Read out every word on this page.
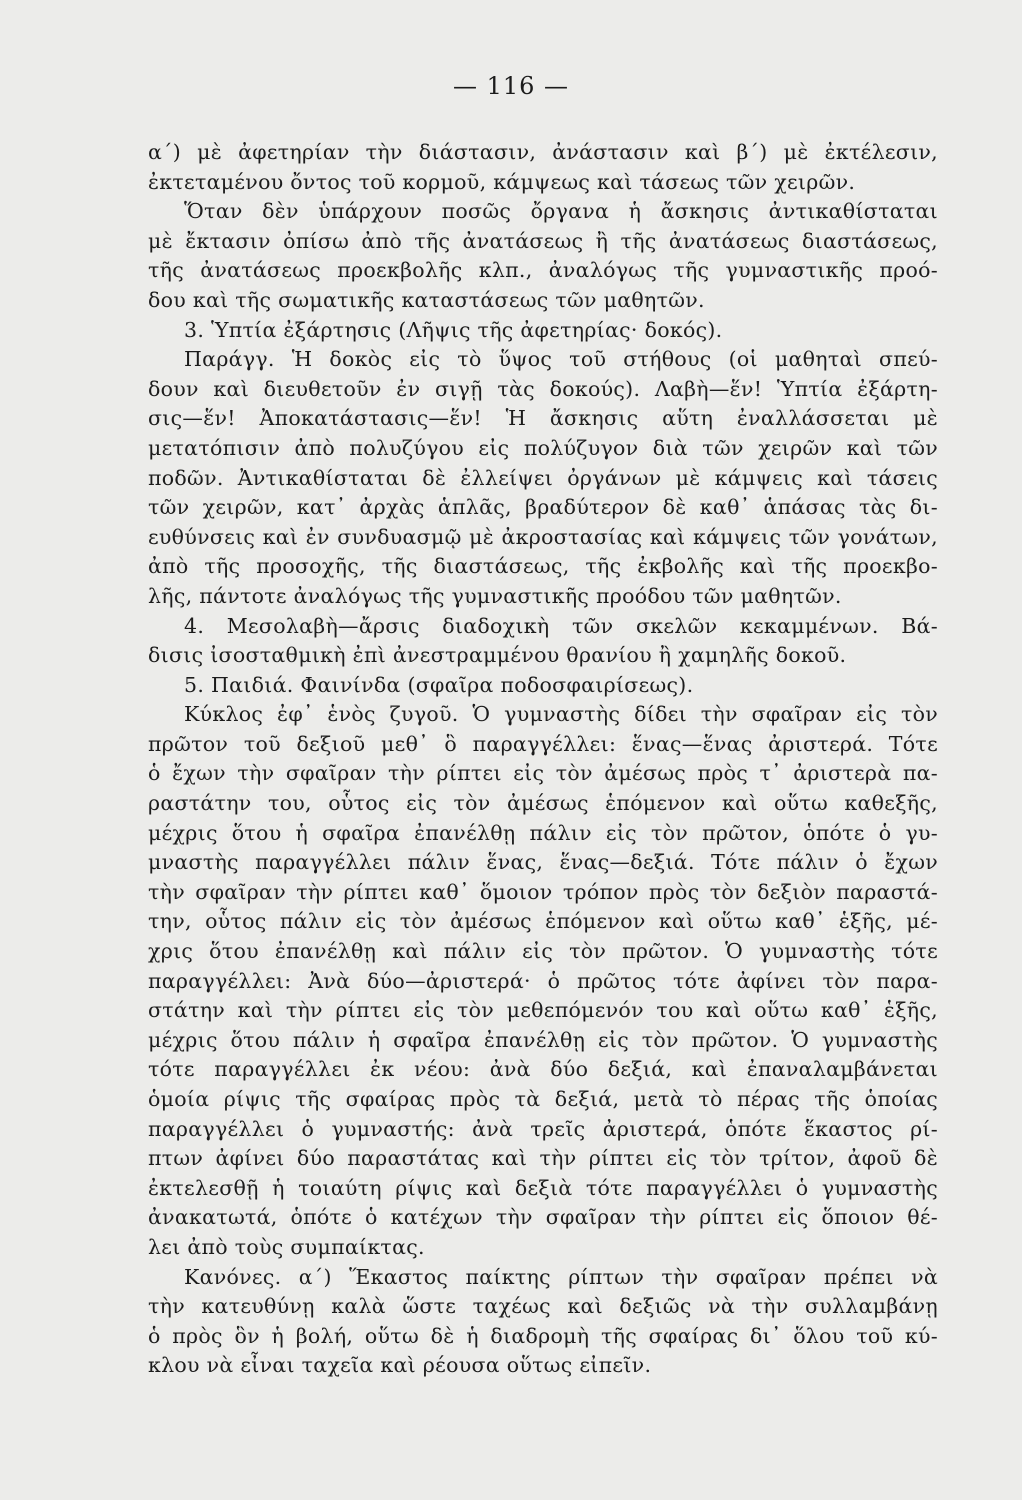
— 116 —
α΄) μὲ ἀφετηρίαν τὴν διάστασιν, ἀνάστασιν καὶ β΄) μὲ ἐκτέλεσιν,
ἐκτεταμένου ὄντος τοῦ κορμοῦ, κάμψεως καὶ τάσεως τῶν χειρῶν.
Ὅταν δὲν ὑπάρχουν ποσῶς ὄργανα ἡ ἄσκησις ἀντικαθίσταται
μὲ ἔκτασιν ὀπίσω ἀπὸ τῆς ἀνατάσεως ἢ τῆς ἀνατάσεως διαστάσεως,
τῆς ἀνατάσεως προεκβολῆς κλπ., ἀναλόγως τῆς γυμναστικῆς προό-
δου καὶ τῆς σωματικῆς καταστάσεως τῶν μαθητῶν.
3. Ὑπτία ἐξάρτησις (Λῆψις τῆς ἀφετηρίας· δοκός).
Παράγγ. Ἡ δοκὸς εἰς τὸ ὕψος τοῦ στήθους (οἱ μαθηταὶ σπεύ-
δουν καὶ διευθετοῦν ἐν σιγῇ τὰς δοκούς). Λαβὴ—ἕν! Ὑπτία ἐξάρτη-
σις—ἕν! Ἀποκατάστασις—ἕν! Ἡ ἄσκησις αὕτη ἐναλλάσσεται μὲ
μετατόπισιν ἀπὸ πολυζύγου εἰς πολύζυγον διὰ τῶν χειρῶν καὶ τῶν
ποδῶν. Ἀντικαθίσταται δὲ ἐλλείψει ὀργάνων μὲ κάμψεις καὶ τάσεις
τῶν χειρῶν, κατ᾽ ἀρχὰς ἁπλᾶς, βραδύτερον δὲ καθ᾽ ἁπάσας τὰς δι-
ευθύνσεις καὶ ἐν συνδυασμῷ μὲ ἀκροστασίας καὶ κάμψεις τῶν γονάτων,
ἀπὸ τῆς προσοχῆς, τῆς διαστάσεως, τῆς ἐκβολῆς καὶ τῆς προεκβο-
λῆς, πάντοτε ἀναλόγως τῆς γυμναστικῆς προόδου τῶν μαθητῶν.
4. Μεσολαβὴ—ἄρσις διαδοχικὴ τῶν σκελῶν κεκαμμένων. Βά-
δισις ἰσοσταθμικὴ ἐπὶ ἀνεστραμμένου θρανίου ἢ χαμηλῆς δοκοῦ.
5. Παιδιά. Φαινίνδα (σφαῖρα ποδοσφαιρίσεως).
Κύκλος ἐφ᾽ ἑνὸς ζυγοῦ. Ὁ γυμναστὴς δίδει τὴν σφαῖραν εἰς τὸν
πρῶτον τοῦ δεξιοῦ μεθ᾽ ὃ παραγγέλλει: ἕνας—ἕνας ἀριστερά. Τότε
ὁ ἔχων τὴν σφαῖραν τὴν ρίπτει εἰς τὸν ἀμέσως πρὸς τ᾽ ἀριστερὰ πα-
ραστάτην του, οὗτος εἰς τὸν ἀμέσως ἑπόμενον καὶ οὕτω καθεξῆς,
μέχρις ὅτου ἡ σφαῖρα ἐπανέλθῃ πάλιν εἰς τὸν πρῶτον, ὁπότε ὁ γυ-
μναστὴς παραγγέλλει πάλιν ἕνας, ἕνας—δεξιά. Τότε πάλιν ὁ ἔχων
τὴν σφαῖραν τὴν ρίπτει καθ᾽ ὅμοιον τρόπον πρὸς τὸν δεξιὸν παραστά-
την, οὗτος πάλιν εἰς τὸν ἀμέσως ἑπόμενον καὶ οὕτω καθ᾽ ἑξῆς, μέ-
χρις ὅτου ἐπανέλθῃ καὶ πάλιν εἰς τὸν πρῶτον. Ὁ γυμναστὴς τότε
παραγγέλλει: Ἀνὰ δύο—ἀριστερά· ὁ πρῶτος τότε ἀφίνει τὸν παρα-
στάτην καὶ τὴν ρίπτει εἰς τὸν μεθεπόμενόν του καὶ οὕτω καθ᾽ ἑξῆς,
μέχρις ὅτου πάλιν ἡ σφαῖρα ἐπανέλθῃ εἰς τὸν πρῶτον. Ὁ γυμναστὴς
τότε παραγγέλλει ἐκ νέου: ἀνὰ δύο δεξιά, καὶ ἐπαναλαμβάνεται
ὁμοία ρίψις τῆς σφαίρας πρὸς τὰ δεξιά, μετὰ τὸ πέρας τῆς ὁποίας
παραγγέλλει ὁ γυμναστής: ἀνὰ τρεῖς ἀριστερά, ὁπότε ἕκαστος ρί-
πτων ἀφίνει δύο παραστάτας καὶ τὴν ρίπτει εἰς τὸν τρίτον, ἀφοῦ δὲ
ἐκτελεσθῇ ἡ τοιαύτη ρίψις καὶ δεξιὰ τότε παραγγέλλει ὁ γυμναστὴς
ἀνακατωτά, ὁπότε ὁ κατέχων τὴν σφαῖραν τὴν ρίπτει εἰς ὅποιον θέ-
λει ἀπὸ τοὺς συμπαίκτας.
Κανόνες. α΄) Ἕκαστος παίκτης ρίπτων τὴν σφαῖραν πρέπει νὰ
τὴν κατευθύνῃ καλὰ ὥστε ταχέως καὶ δεξιῶς νὰ τὴν συλλαμβάνῃ
ὁ πρὸς ὃν ἡ βολή, οὕτω δὲ ἡ διαδρομὴ τῆς σφαίρας δι᾽ ὅλου τοῦ κύ-
κλου νὰ εἶναι ταχεῖα καὶ ρέουσα οὕτως εἰπεῖν.
